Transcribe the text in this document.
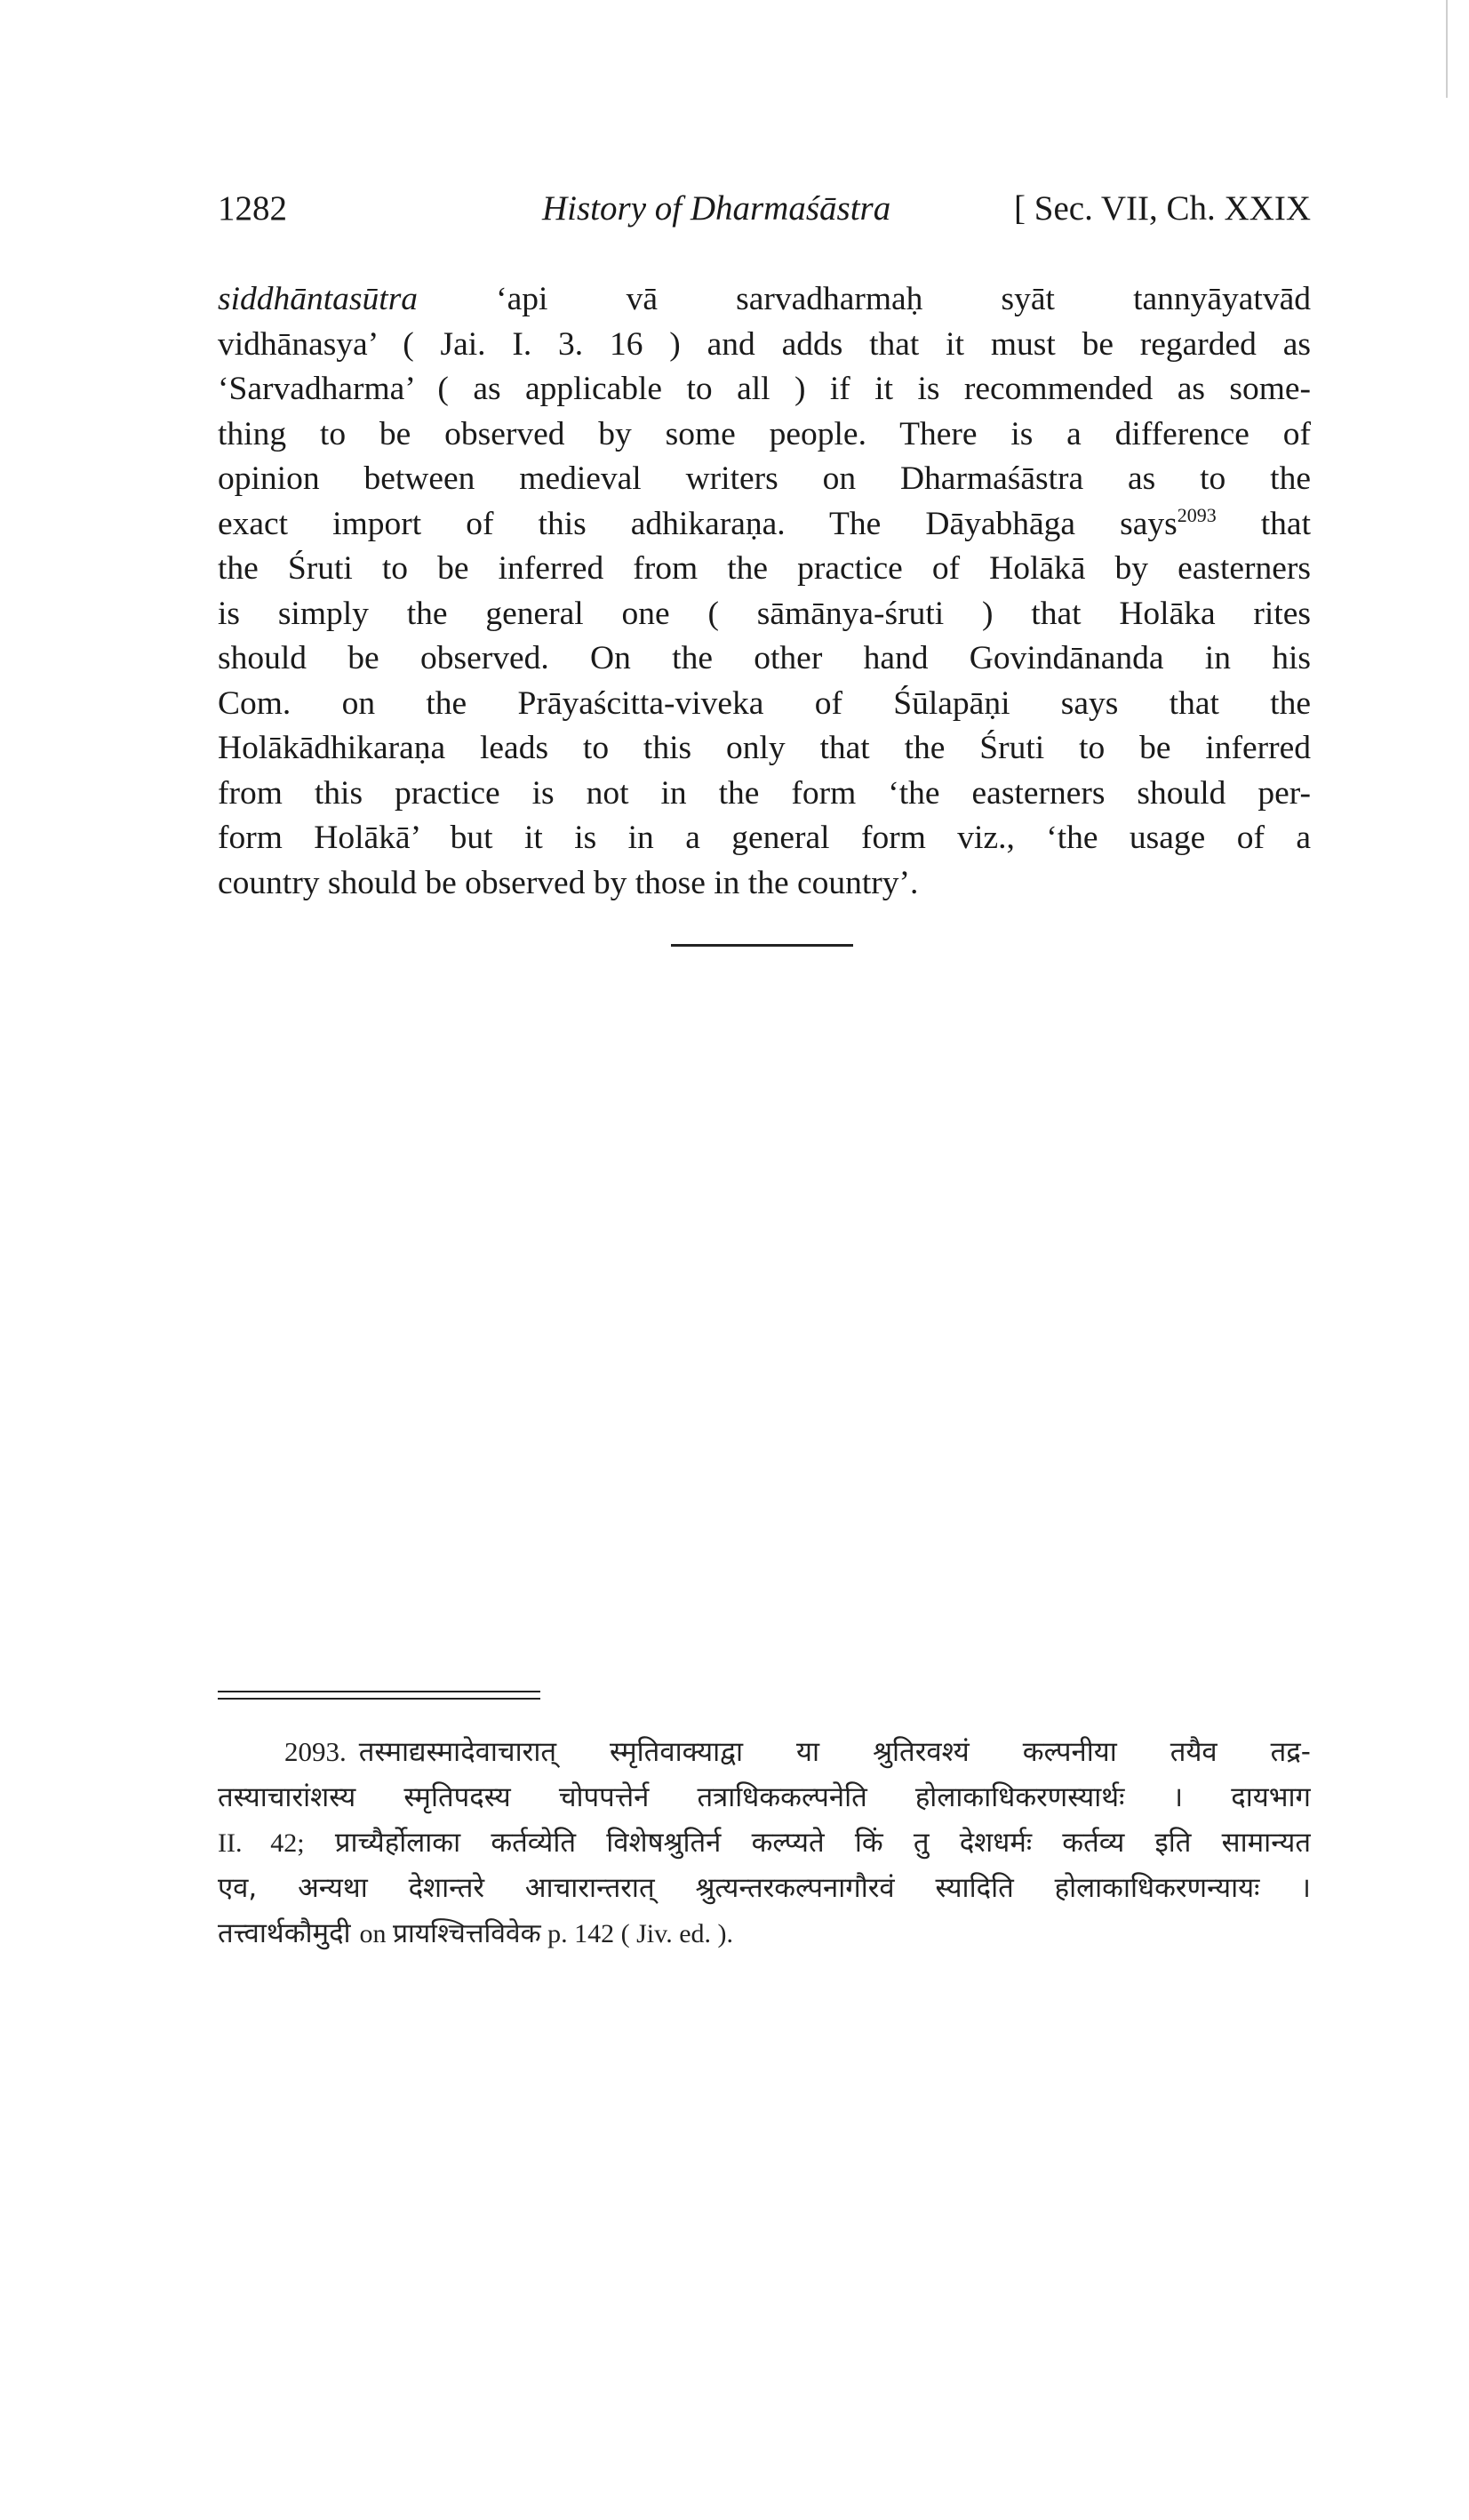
1282	History of Dharmaśāstra	[ Sec. VII, Ch. XXIX
siddhāntasūtra ‘api vā sarvadharmaḥ syāt tannyāyatvād
vidhānasya’ ( Jai. I. 3. 16 ) and adds that it must be regarded as
‘Sarvadharma’ ( as applicable to all ) if it is recommended as some-
thing to be observed by some people. There is a difference of
opinion between medieval writers on Dharmaśāstra as to the
exact import of this adhikaraṇa. The Dāyabhāga says$^{2093}$ that
the Śruti to be inferred from the practice of Holākā by easterners
is simply the general one ( sāmānya-śruti ) that Holāka rites
should be observed. On the other hand Govindānanda in his
Com. on the Prāyaścitta-viveka of Śūlapāṇi says that the
Holākādhikaraṇa leads to this only that the Śruti to be inferred
from this practice is not in the form ‘the easterners should per-
form Holākā’ but it is in a general form viz., ‘the usage of a
country should be observed by those in the country’.
2093. तस्माद्यस्मादेवाचारात् स्मृतिवाक्याद्वा या श्रुतिरवश्यं कल्पनीया तयैव तद्र-
तस्याचारांशस्य स्मृतिपदस्य चोपपत्तेर्न तत्राधिककल्पनेति होलाकाधिकरणस्यार्थः । दायभाग
II. 42; प्राच्यैर्होलाका कर्तव्येति विशेषश्रुतिर्न कल्प्यते किं तु देशधर्मः कर्तव्य इति सामान्यत
एव, अन्यथा देशान्तरे आचारान्तरात् श्रुत्यन्तरकल्पनागौरवं स्यादिति होलाकाधिकरणन्यायः ।
तत्त्वार्थकौमुदी on प्रायश्चित्तविवेक p. 142 ( Jiv. ed. ).
